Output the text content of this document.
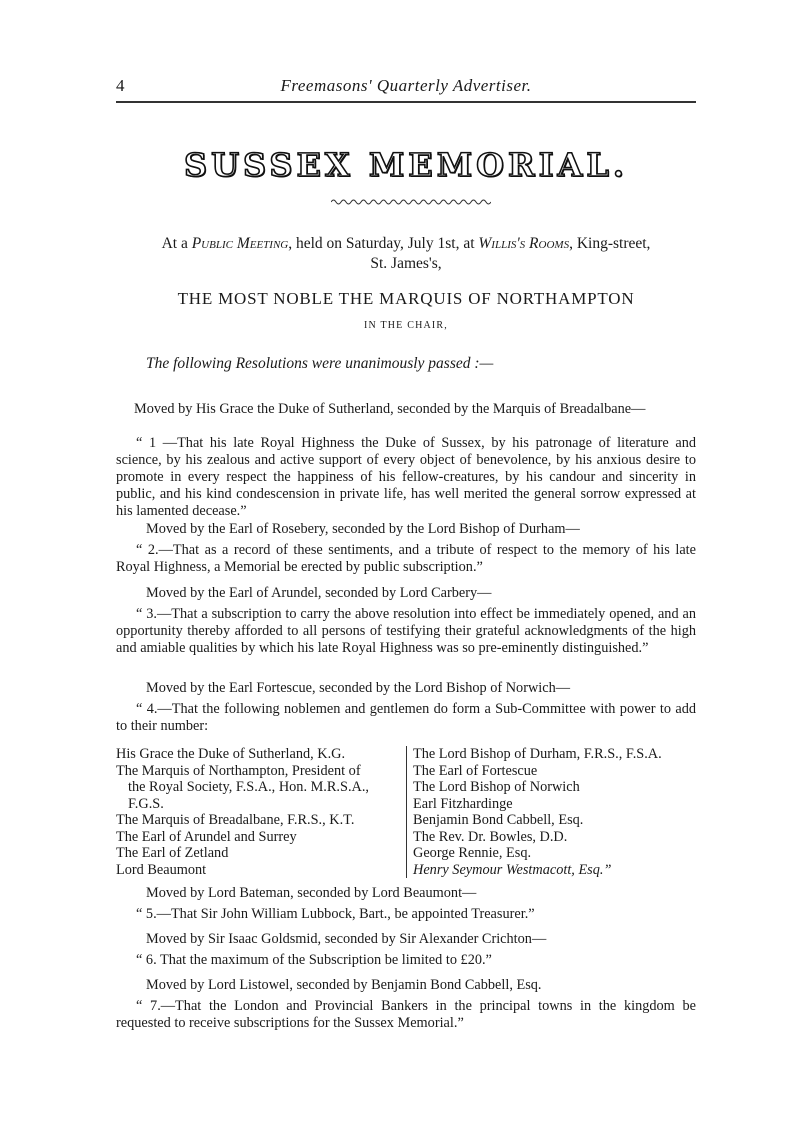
4	Freemasons' Quarterly Advertiser.
SUSSEX MEMORIAL.
At a Public Meeting, held on Saturday, July 1st, at Willis's Rooms, King-street,
St. James's,
THE MOST NOBLE THE MARQUIS OF NORTHAMPTON
IN THE CHAIR,
The following Resolutions were unanimously passed :—
Moved by His Grace the Duke of Sutherland, seconded by the Marquis of Breadalbane—

“ 1 —That his late Royal Highness the Duke of Sussex, by his patronage of literature and science, by his zealous and active support of every object of benevolence, by his anxious desire to promote in every respect the happiness of his fellow-creatures, by his candour and sincerity in public, and his kind condescension in private life, has well merited the general sorrow expressed at his lamented decease.”

Moved by the Earl of Rosebery, seconded by the Lord Bishop of Durham—

“ 2.—That as a record of these sentiments, and a tribute of respect to the memory of his late Royal Highness, a Memorial be erected by public subscription.”

Moved by the Earl of Arundel, seconded by Lord Carbery—

“ 3.—That a subscription to carry the above resolution into effect be immediately opened, and an opportunity thereby afforded to all persons of testifying their grateful acknowledgments of the high and amiable qualities by which his late Royal Highness was so pre-eminently distinguished.”

Moved by the Earl Fortescue, seconded by the Lord Bishop of Norwich—

“ 4.—That the following noblemen and gentlemen do form a Sub-Committee with power to add to their number:

His Grace the Duke of Sutherland, K.G.
The Marquis of Northampton, President of
the Royal Society, F.S.A., Hon. M.R.S.A.,
F.G.S.
The Marquis of Breadalbane, F.R.S., K.T.
The Earl of Arundel and Surrey
The Earl of Zetland
Lord Beaumont
The Lord Bishop of Durham, F.R.S., F.S.A.
The Earl of Fortescue
The Lord Bishop of Norwich
Earl Fitzhardinge
Benjamin Bond Cabbell, Esq.
The Rev. Dr. Bowles, D.D.
George Rennie, Esq.
Henry Seymour Westmacott, Esq.”
Moved by Lord Bateman, seconded by Lord Beaumont—

“ 5.—That Sir John William Lubbock, Bart., be appointed Treasurer.”

Moved by Sir Isaac Goldsmid, seconded by Sir Alexander Crichton—

“ 6. That the maximum of the Subscription be limited to £20.”

Moved by Lord Listowel, seconded by Benjamin Bond Cabbell, Esq.

“ 7.—That the London and Provincial Bankers in the principal towns in the kingdom be requested to receive subscriptions for the Sussex Memorial.”
